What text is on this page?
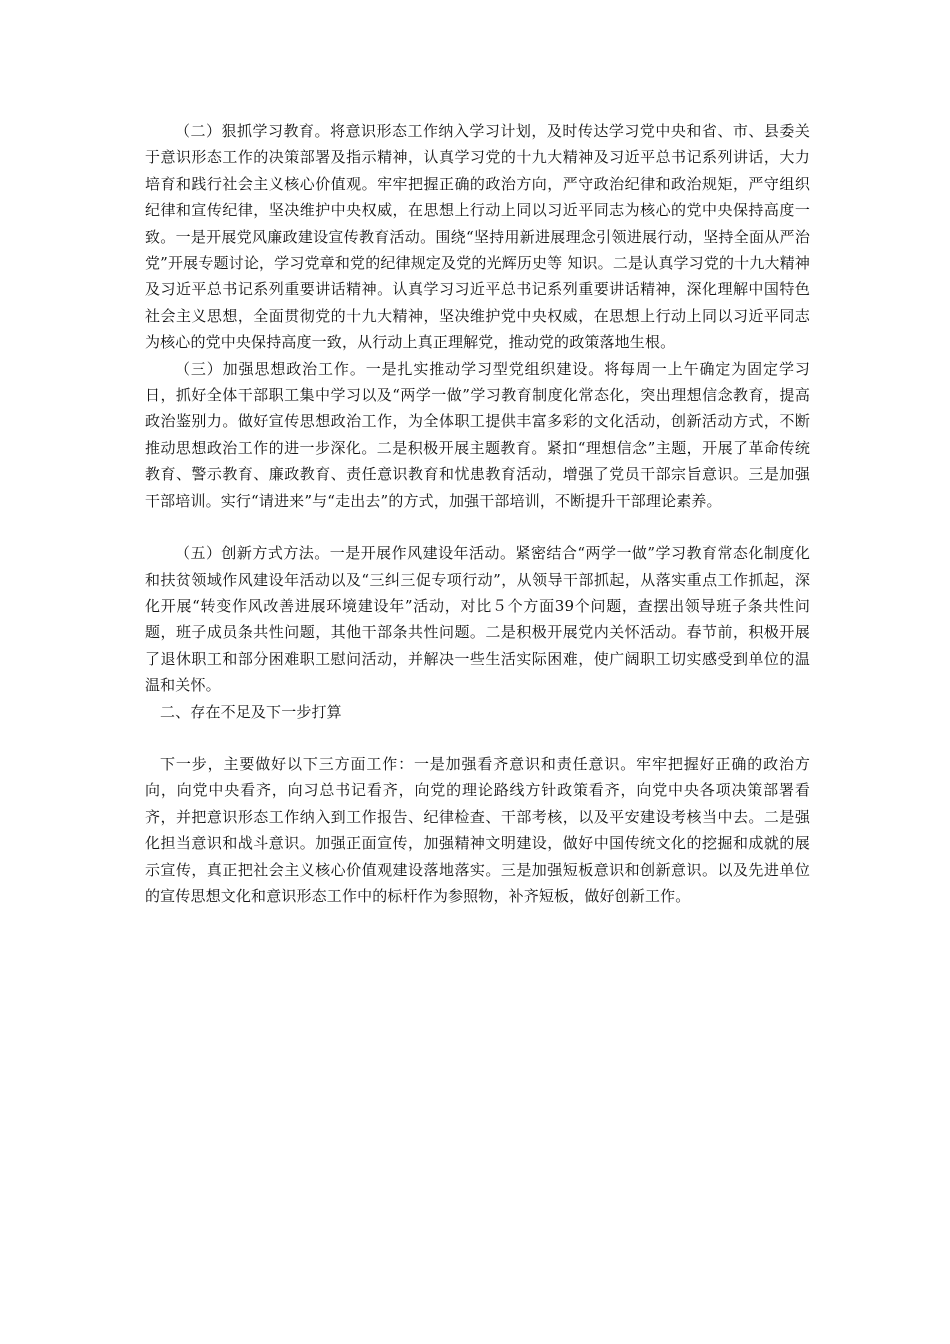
（二）狠抓学习教育。将意识形态工作纳入学习计划，及时传达学习党中央和省、市、县委关于意识形态工作的决策部署及指示精神，认真学习党的十九大精神及习近平总书记系列讲话，大力培育和践行社会主义核心价值观。牢牢把握正确的政治方向，严守政治纪律和政治规矩，严守组织纪律和宣传纪律，坚决维护中央权威，在思想上行动上同以习近平同志为核心的党中央保持高度一致。一是开展党风廉政建设宣传教育活动。围绕“坚持用新进展理念引领进展行动，坚持全面从严治党”开展专题讨论，学习党章和党的纪律规定及党的光辉历史等 知识。二是认真学习党的十九大精神及习近平总书记系列重要讲话精神。认真学习习近平总书记系列重要讲话精神，深化理解中国特色社会主义思想，全面贯彻党的十九大精神，坚决维护党中央权威，在思想上行动上同以习近平同志为核心的党中央保持高度一致，从行动上真正理解党，推动党的政策落地生根。

（三）加强思想政治工作。一是扎实推动学习型党组织建设。将每周一上午确定为固定学习日，抓好全体干部职工集中学习以及“两学一做”学习教育制度化常态化，突出理想信念教育，提高政治鉴别力。做好宣传思想政治工作，为全体职工提供丰富多彩的文化活动，创新活动方式，不断推动思想政治工作的进一步深化。二是积极开展主题教育。紧扣“理想信念”主题，开展了革命传统教育、警示教育、廉政教育、责任意识教育和忧患教育活动，增强了党员干部宗旨意识。三是加强干部培训。实行“请进来”与“走出去”的方式，加强干部培训，不断提升干部理论素养。

（五）创新方式方法。一是开展作风建设年活动。紧密结合“两学一做”学习教育常态化制度化和扶贫领域作风建设年活动以及“三纠三促专项行动”，从领导干部抓起，从落实重点工作抓起，深化开展“转变作风改善进展环境建设年”活动，对比５个方面39个问题，查摆出领导班子条共性问题，班子成员条共性问题，其他干部条共性问题。二是积极开展党内关怀活动。春节前，积极开展了退休职工和部分困难职工慰问活动，并解决一些生活实际困难，使广阔职工切实感受到单位的温温和关怀。

二、存在不足及下一步打算

下一步，主要做好以下三方面工作：一是加强看齐意识和责任意识。牢牢把握好正确的政治方向，向党中央看齐，向习总书记看齐，向党的理论路线方针政策看齐，向党中央各项决策部署看齐，并把意识形态工作纳入到工作报告、纪律检查、干部考核，以及平安建设考核当中去。二是强化担当意识和战斗意识。加强正面宣传，加强精神文明建设，做好中国传统文化的挖掘和成就的展示宣传，真正把社会主义核心价值观建设落地落实。三是加强短板意识和创新意识。以及先进单位的宣传思想文化和意识形态工作中的标杆作为参照物，补齐短板，做好创新工作。
